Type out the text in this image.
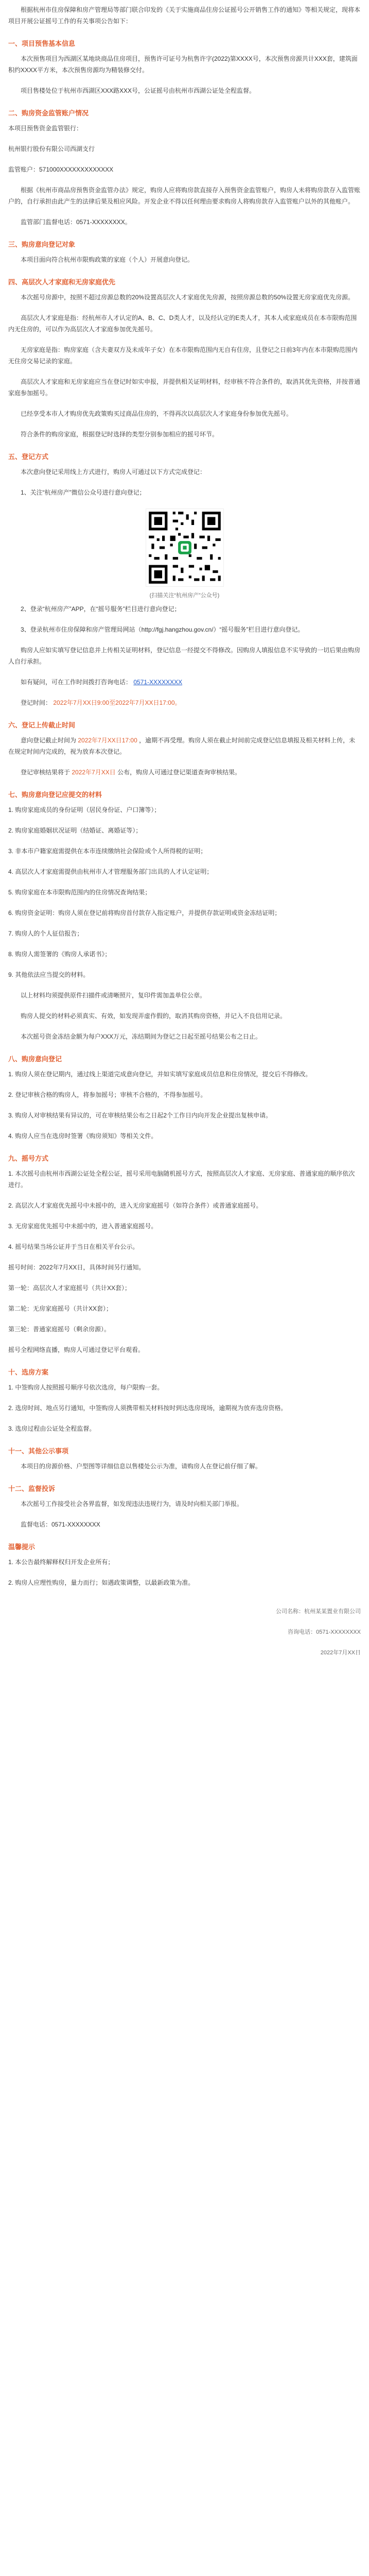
根据杭州市住房保障和房产管理局等部门联合印发的《关于实施商品住房公证摇号公开销售工作的通知》等相关规定，现将本项目开展公证摇号工作的有关事项公告如下：

一、项目预售基本信息

本次预售项目为西湖区某地块商品住房项目，预售许可证号为杭售许字(2022)第XXXX号，本次预售房源共计XXX套，建筑面积约XXXX平方米，本次预售房源均为精装修交付。

项目售楼处位于杭州市西湖区XXX路XXX号，公证摇号由杭州市西湖公证处全程监督。

二、购房资金监管账户情况

本项目预售资金监管银行：

杭州银行股份有限公司西湖支行

监管账户：571000XXXXXXXXXXXXX

根据《杭州市商品房预售资金监管办法》规定，购房人应将购房款直接存入预售资金监管账户，购房人未将购房款存入监管账户的，自行承担由此产生的法律后果及相应风险。开发企业不得以任何理由要求购房人将购房款存入监管账户以外的其他账户。

监管部门监督电话：0571-XXXXXXXX。

三、购房意向登记对象

本项目面向符合杭州市限购政策的家庭（个人）开展意向登记。

四、高层次人才家庭和无房家庭优先

本次摇号房源中，按照不超过房源总数的20%设置高层次人才家庭优先房源，按照房源总数的50%设置无房家庭优先房源。

高层次人才家庭是指：经杭州市人才认定的A、B、C、D类人才，以及经认定的E类人才，其本人或家庭成员在本市限购范围内无住房的，可以作为高层次人才家庭参加优先摇号。

无房家庭是指：购房家庭（含夫妻双方及未成年子女）在本市限购范围内无自有住房，且登记之日前3年内在本市限购范围内无住房交易记录的家庭。

高层次人才家庭和无房家庭应当在登记时如实申报，并提供相关证明材料，经审核不符合条件的，取消其优先资格，并按普通家庭参加摇号。

已经享受本市人才购房优先政策购买过商品住房的，不得再次以高层次人才家庭身份参加优先摇号。

符合条件的购房家庭，根据登记时选择的类型分别参加相应的摇号环节。

五、登记方式

本次意向登记采用线上方式进行，购房人可通过以下方式完成登记：

1、关注“杭州房产”微信公众号进行意向登记；

(扫描关注“杭州房产”公众号)

2、登录“杭州房产”APP，在“摇号服务”栏目进行意向登记；

3、登录杭州市住房保障和房产管理局网站（http://fgj.hangzhou.gov.cn/）“摇号服务”栏目进行意向登记。

购房人应如实填写登记信息并上传相关证明材料，登记信息一经提交不得修改。因购房人填报信息不实导致的一切后果由购房人自行承担。

如有疑问，可在工作时间拨打咨询电话： 0571-XXXXXXXX

登记时间： 2022年7月XX日9:00至2022年7月XX日17:00。

六、登记上传截止时间

意向登记截止时间为 2022年7月XX日17:00 ，逾期不再受理。购房人须在截止时间前完成登记信息填报及相关材料上传，未在规定时间内完成的，视为放弃本次登记。

登记审核结果将于 2022年7月XX日 公布，购房人可通过登记渠道查询审核结果。

七、购房意向登记应提交的材料

1. 购房家庭成员的身份证明（居民身份证、户口簿等）；

2. 购房家庭婚姻状况证明（结婚证、离婚证等）；

3. 非本市户籍家庭需提供在本市连续缴纳社会保险或个人所得税的证明；

4. 高层次人才家庭需提供由杭州市人才管理服务部门出具的人才认定证明；

5. 购房家庭在本市限购范围内的住房情况查询结果；

6. 购房资金证明：购房人须在登记前将购房首付款存入指定账户，并提供存款证明或资金冻结证明；

7. 购房人的个人征信报告；

8. 购房人需签署的《购房人承诺书》；

9. 其他依法应当提交的材料。

以上材料均须提供原件扫描件或清晰照片，复印件需加盖单位公章。

购房人提交的材料必须真实、有效，如发现弄虚作假的，取消其购房资格，并记入不良信用记录。

本次摇号资金冻结金额为每户XXX万元，冻结期间为登记之日起至摇号结果公布之日止。

八、购房意向登记

1. 购房人须在登记期内，通过线上渠道完成意向登记，并如实填写家庭成员信息和住房情况，提交后不得修改。

2. 登记审核合格的购房人，将参加摇号；审核不合格的，不得参加摇号。

3. 购房人对审核结果有异议的，可在审核结果公布之日起2个工作日内向开发企业提出复核申请。

4. 购房人应当在选房时签署《购房须知》等相关文件。

九、摇号方式

1. 本次摇号由杭州市西湖公证处全程公证，摇号采用电脑随机摇号方式，按照高层次人才家庭、无房家庭、普通家庭的顺序依次进行。

2. 高层次人才家庭优先摇号中未摇中的，进入无房家庭摇号（如符合条件）或普通家庭摇号。

3. 无房家庭优先摇号中未摇中的，进入普通家庭摇号。

4. 摇号结果当场公证并于当日在相关平台公示。

摇号时间：2022年7月XX日，具体时间另行通知。

第一轮：高层次人才家庭摇号（共计XX套）；

第二轮：无房家庭摇号（共计XX套）；

第三轮：普通家庭摇号（剩余房源）。

摇号全程网络直播，购房人可通过登记平台观看。

十、选房方案

1. 中签购房人按照摇号顺序号依次选房，每户限购一套。

2. 选房时间、地点另行通知，中签购房人须携带相关材料按时到达选房现场，逾期视为放弃选房资格。

3. 选房过程由公证处全程监督。

十一、其他公示事项

本项目的房源价格、户型图等详细信息以售楼处公示为准，请购房人在登记前仔细了解。

十二、监督投诉

本次摇号工作接受社会各界监督，如发现违法违规行为，请及时向相关部门举报。

监督电话：0571-XXXXXXXX

温馨提示

1. 本公告最终解释权归开发企业所有；

2. 购房人应理性购房，量力而行；如遇政策调整，以最新政策为准。

公司名称：杭州某某置业有限公司

咨询电话：0571-XXXXXXXX

2022年7月XX日
